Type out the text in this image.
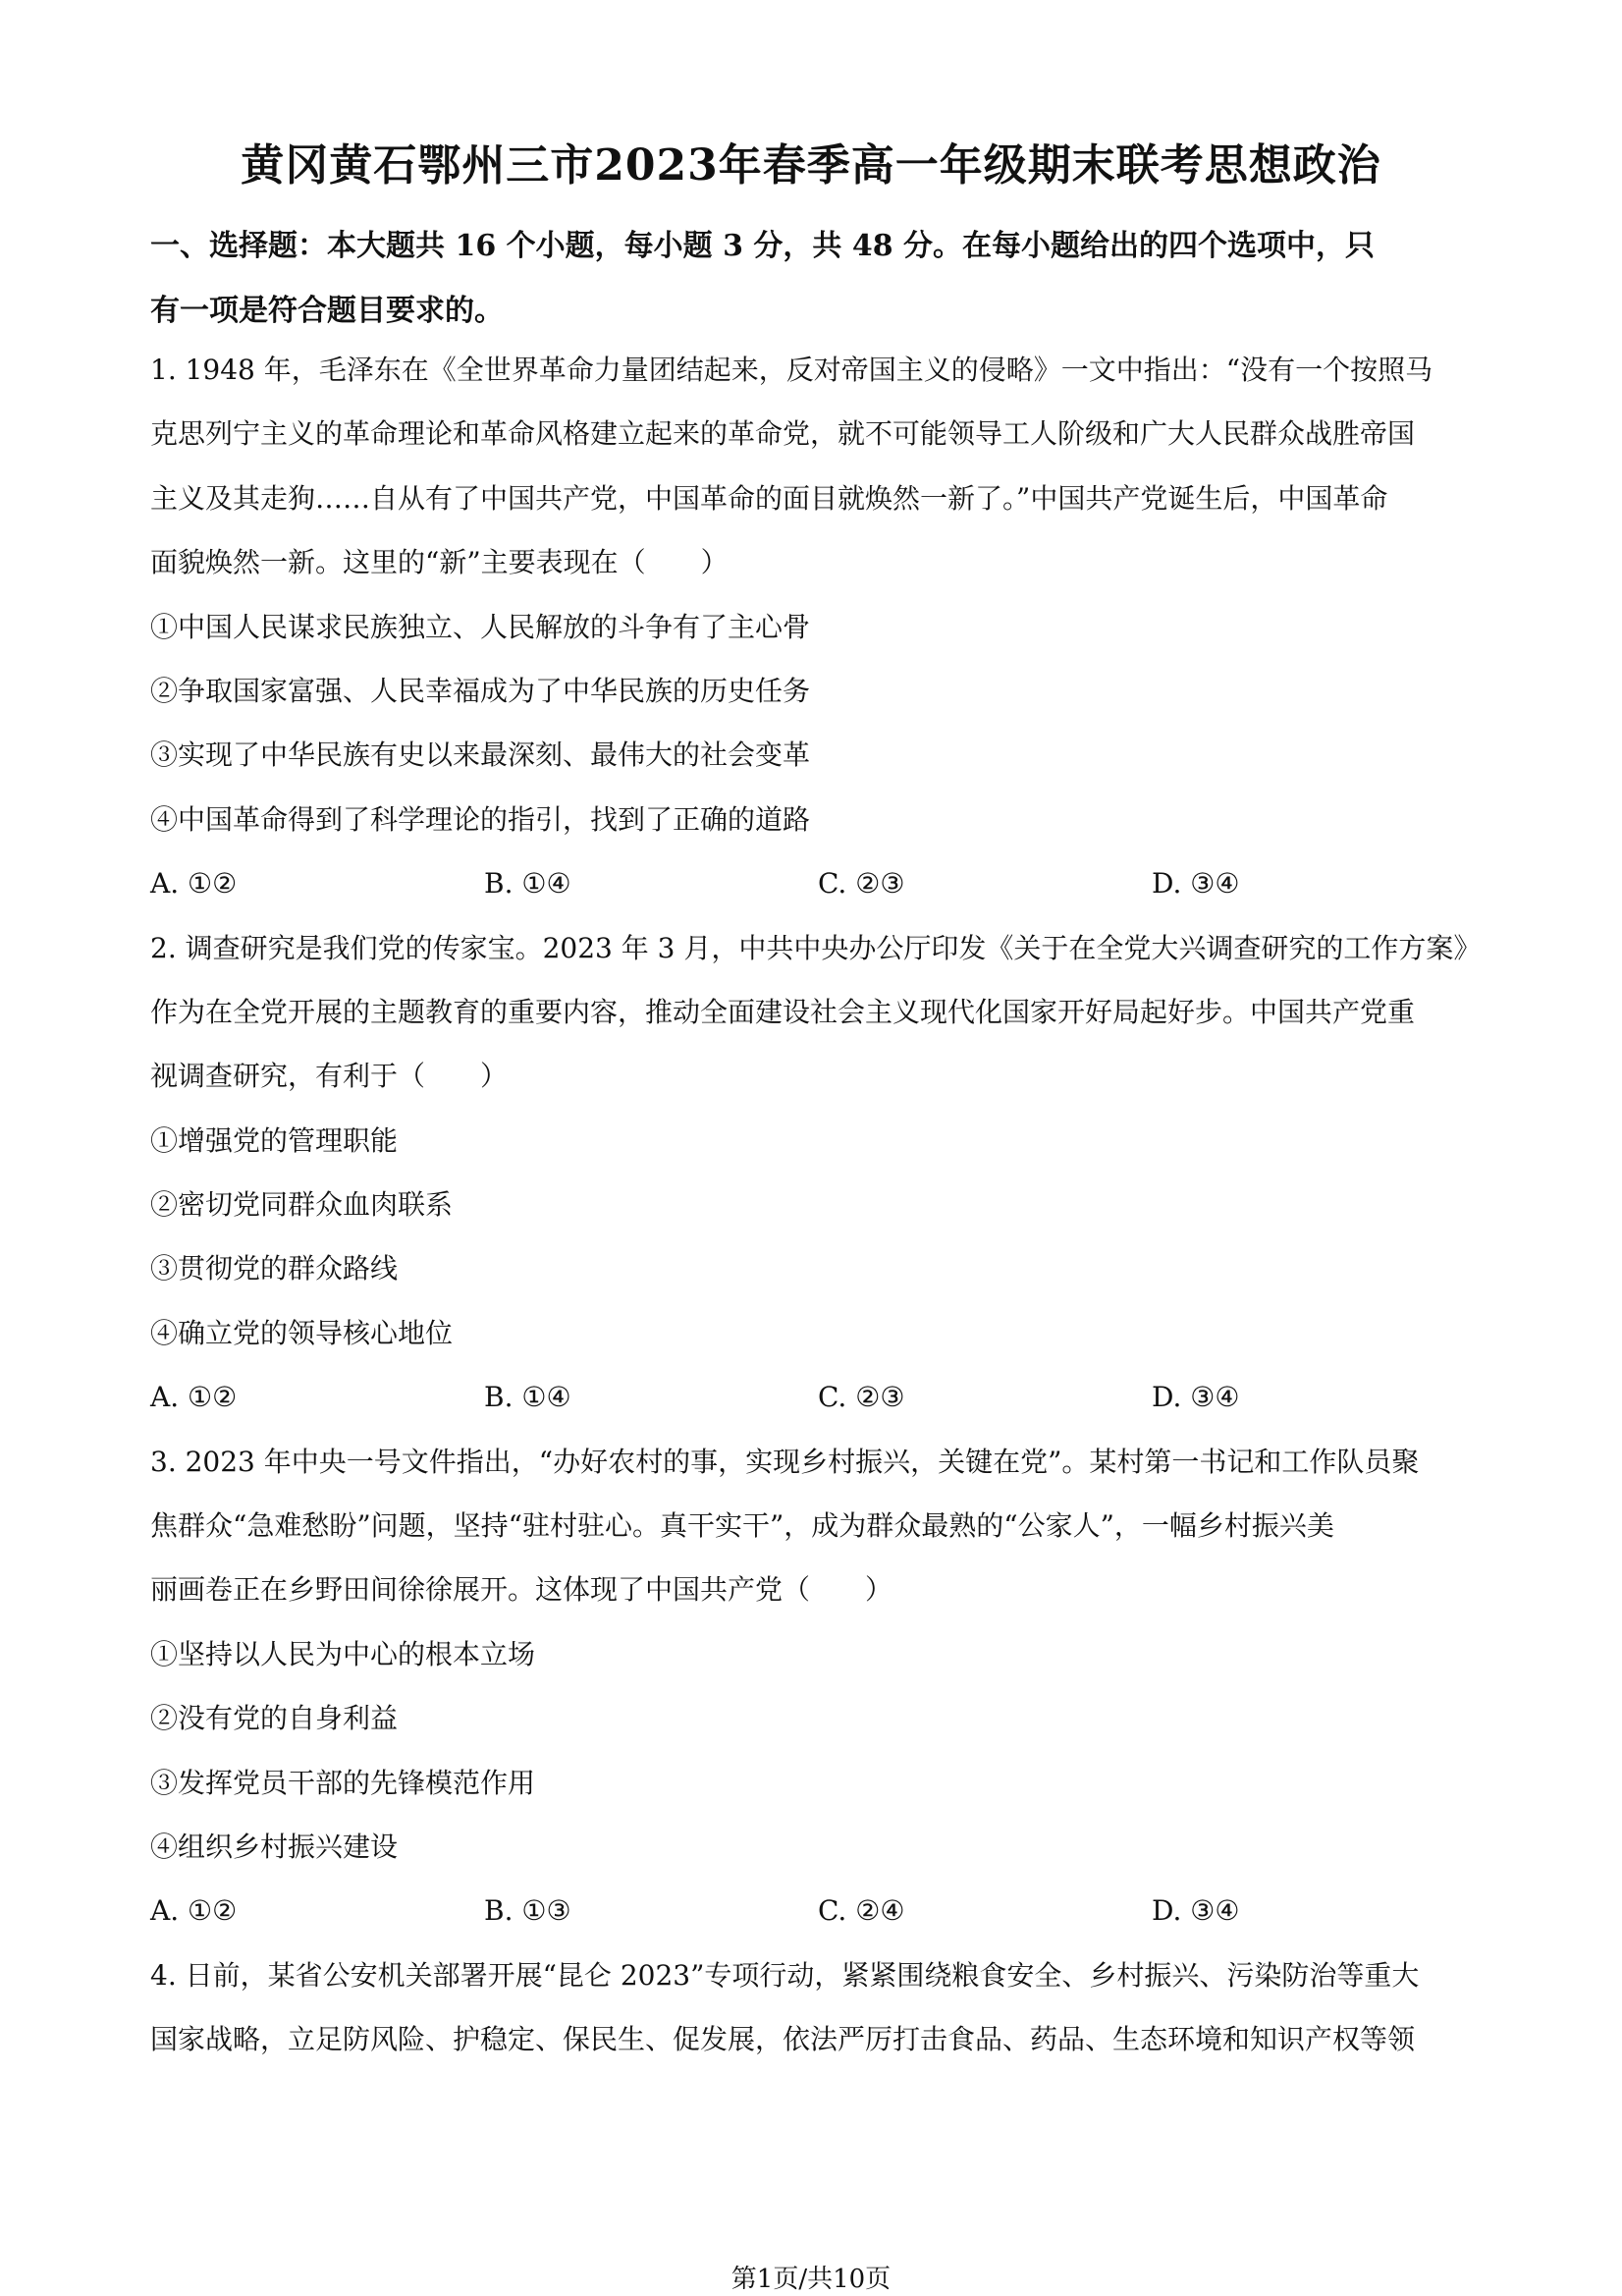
黄冈黄石鄂州三市2023年春季高一年级期末联考思想政治
一、选择题：本大题共 16 个小题，每小题 3 分，共 48 分。在每小题给出的四个选项中，只
有一项是符合题目要求的。
1. 1948 年，毛泽东在《全世界革命力量团结起来，反对帝国主义的侵略》一文中指出：“没有一个按照马
克思列宁主义的革命理论和革命风格建立起来的革命党，就不可能领导工人阶级和广大人民群众战胜帝国
主义及其走狗……自从有了中国共产党，中国革命的面目就焕然一新了。”中国共产党诞生后，中国革命
面貌焕然一新。这里的“新”主要表现在（　　）
①中国人民谋求民族独立、人民解放的斗争有了主心骨
②争取国家富强、人民幸福成为了中华民族的历史任务
③实现了中华民族有史以来最深刻、最伟大的社会变革
④中国革命得到了科学理论的指引，找到了正确的道路
A. ①②	B. ①④	C. ②③	D. ③④
2. 调查研究是我们党的传家宝。2023 年 3 月，中共中央办公厅印发《关于在全党大兴调查研究的工作方案》
作为在全党开展的主题教育的重要内容，推动全面建设社会主义现代化国家开好局起好步。中国共产党重
视调查研究，有利于（　　）
①增强党的管理职能
②密切党同群众血肉联系
③贯彻党的群众路线
④确立党的领导核心地位
A. ①②	B. ①④	C. ②③	D. ③④
3. 2023 年中央一号文件指出，“办好农村的事，实现乡村振兴，关键在党”。某村第一书记和工作队员聚
焦群众“急难愁盼”问题，坚持“驻村驻心。真干实干”，成为群众最熟的“公家人”，一幅乡村振兴美
丽画卷正在乡野田间徐徐展开。这体现了中国共产党（　　）
①坚持以人民为中心的根本立场
②没有党的自身利益
③发挥党员干部的先锋模范作用
④组织乡村振兴建设
A. ①②	B. ①③	C. ②④	D. ③④
4. 日前，某省公安机关部署开展“昆仑 2023”专项行动，紧紧围绕粮食安全、乡村振兴、污染防治等重大
国家战略，立足防风险、护稳定、保民生、促发展，依法严厉打击食品、药品、生态环境和知识产权等领
第1页/共10页
